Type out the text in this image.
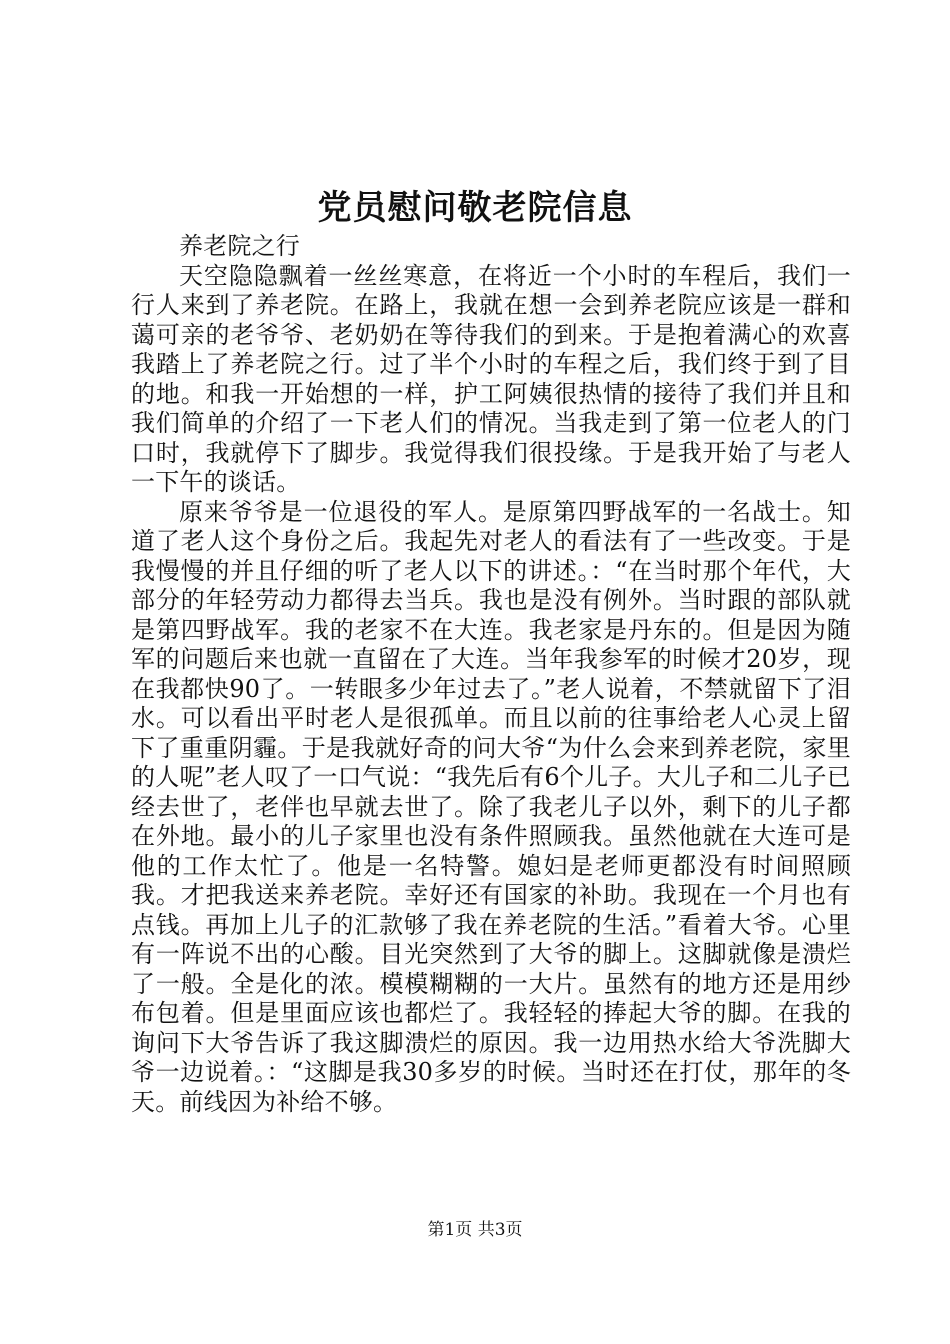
党员慰问敬老院信息

养老院之行

天空隐隐飘着一丝丝寒意，在将近一个小时的车程后，我们一行人来到了养老院。在路上，我就在想一会到养老院应该是一群和蔼可亲的老爷爷、老奶奶在等待我们的到来。于是抱着满心的欢喜我踏上了养老院之行。过了半个小时的车程之后，我们终于到了目的地。和我一开始想的一样，护工阿姨很热情的接待了我们并且和我们简单的介绍了一下老人们的情况。当我走到了第一位老人的门口时，我就停下了脚步。我觉得我们很投缘。于是我开始了与老人一下午的谈话。

原来爷爷是一位退役的军人。是原第四野战军的一名战士。知道了老人这个身份之后。我起先对老人的看法有了一些改变。于是我慢慢的并且仔细的听了老人以下的讲述。：“在当时那个年代，大部分的年轻劳动力都得去当兵。我也是没有例外。当时跟的部队就是第四野战军。我的老家不在大连。我老家是丹东的。但是因为随军的问题后来也就一直留在了大连。当年我参军的时候才20岁，现在我都快90了。一转眼多少年过去了。”老人说着，不禁就留下了泪水。可以看出平时老人是很孤单。而且以前的往事给老人心灵上留下了重重阴霾。于是我就好奇的问大爷“为什么会来到养老院，家里的人呢”老人叹了一口气说：“我先后有6个儿子。大儿子和二儿子已经去世了，老伴也早就去世了。除了我老儿子以外，剩下的儿子都在外地。最小的儿子家里也没有条件照顾我。虽然他就在大连可是他的工作太忙了。他是一名特警。媳妇是老师更都没有时间照顾我。才把我送来养老院。幸好还有国家的补助。我现在一个月也有点钱。再加上儿子的汇款够了我在养老院的生活。”看着大爷。心里有一阵说不出的心酸。目光突然到了大爷的脚上。这脚就像是溃烂了一般。全是化的浓。模模糊糊的一大片。虽然有的地方还是用纱布包着。但是里面应该也都烂了。我轻轻的捧起大爷的脚。在我的询问下大爷告诉了我这脚溃烂的原因。我一边用热水给大爷洗脚大爷一边说着。：“这脚是我30多岁的时候。当时还在打仗，那年的冬天。前线因为补给不够。

第1页 共3页
